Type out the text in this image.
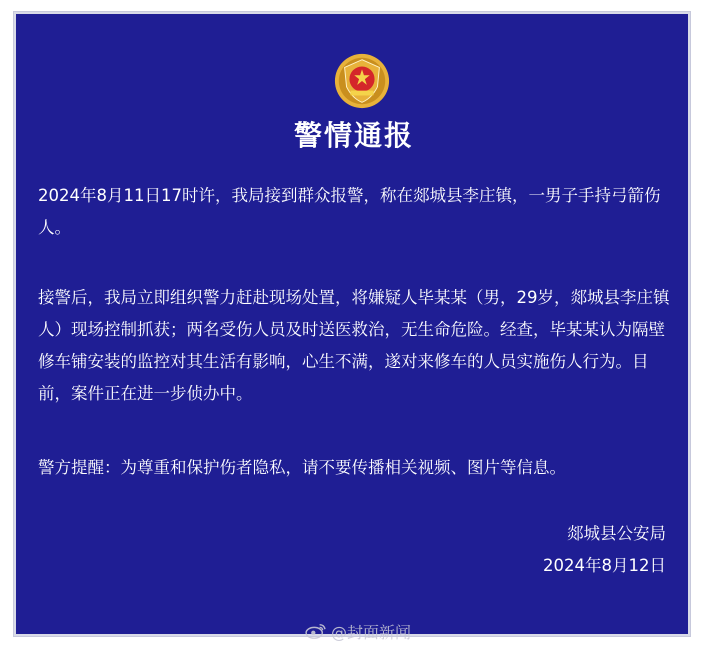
警情通报

2024年8月11日17时许，我局接到群众报警，称在郯城县李庄镇，一男子手持弓箭伤人。

接警后，我局立即组织警力赶赴现场处置，将嫌疑人毕某某（男，29岁，郯城县李庄镇人）现场控制抓获；两名受伤人员及时送医救治，无生命危险。经查，毕某某认为隔壁修车铺安装的监控对其生活有影响，心生不满，遂对来修车的人员实施伤人行为。目前，案件正在进一步侦办中。

警方提醒：为尊重和保护伤者隐私，请不要传播相关视频、图片等信息。

郯城县公安局
2024年8月12日
@封面新闻
